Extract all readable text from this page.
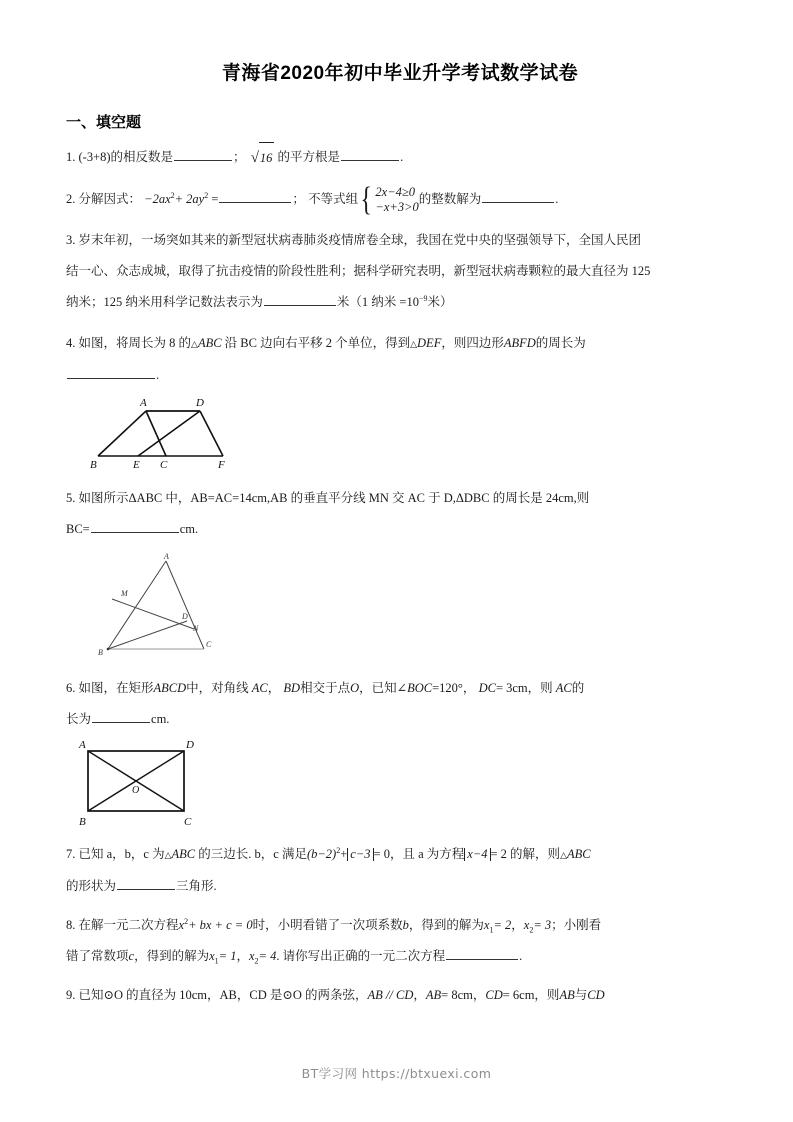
青海省2020年初中毕业升学考试数学试卷
一、填空题
1. (-3+8)的相反数是	； √16 的平方根是	.
2. 分解因式： $-2ax^2+ 2ay^2$ =	； 不等式组 { 2x−4≥0
−x+3>0
的整数解为	.
3. 岁末年初，一场突如其来的新型冠状病毒肺炎疫情席卷全球，我国在党中央的坚强领导下，全国人民团
结一心、众志成城，取得了抗击疫情的阶段性胜利；据科学研究表明，新型冠状病毒颗粒的最大直径为 125
纳米；125 纳米用科学记数法表示为	米（1 纳米 $=10^{-9}$米）
4. 如图，将周长为 8 的△ABC 沿 BC 边向右平移 2 个单位，得到△DEF，则四边形ABFD的周长为
.
A	D
B	E C	F
5. 如图所示ΔABC 中，AB=AC=14cm,AB 的垂直平分线 MN 交 AC 于 D,ΔDBC 的周长是 24cm,则
BC=	cm.
A
M
D
N
B
C
6. 如图，在矩形ABCD中，对角线 AC， BD相交于点O，已知∠BOC=120°， DC= 3cm，则 AC的
长为	cm.
A	D
O
B	C
7. 已知 a，b，c 为△ABC 的三边长. b，c 满足$(b-2)^2+ c-3 = 0$，且 a 为方程 x−4 = 2 的解，则△ABC
的形状为	三角形.
8. 在解一元二次方程$x^2+$ bx + c = 0时，小明看错了一次项系数b，得到的解为$x_1= 2$，$x_2= 3$；小刚看
错了常数项c，得到的解为$x_1= 1$，$x_2= 4$. 请你写出正确的一元二次方程	.
9. 已知⊙O 的直径为 10cm，AB，CD 是⊙O 的两条弦，AB // CD，AB= 8cm，CD= 6cm，则AB与CD
BT学习网 https://btxuexi.com
